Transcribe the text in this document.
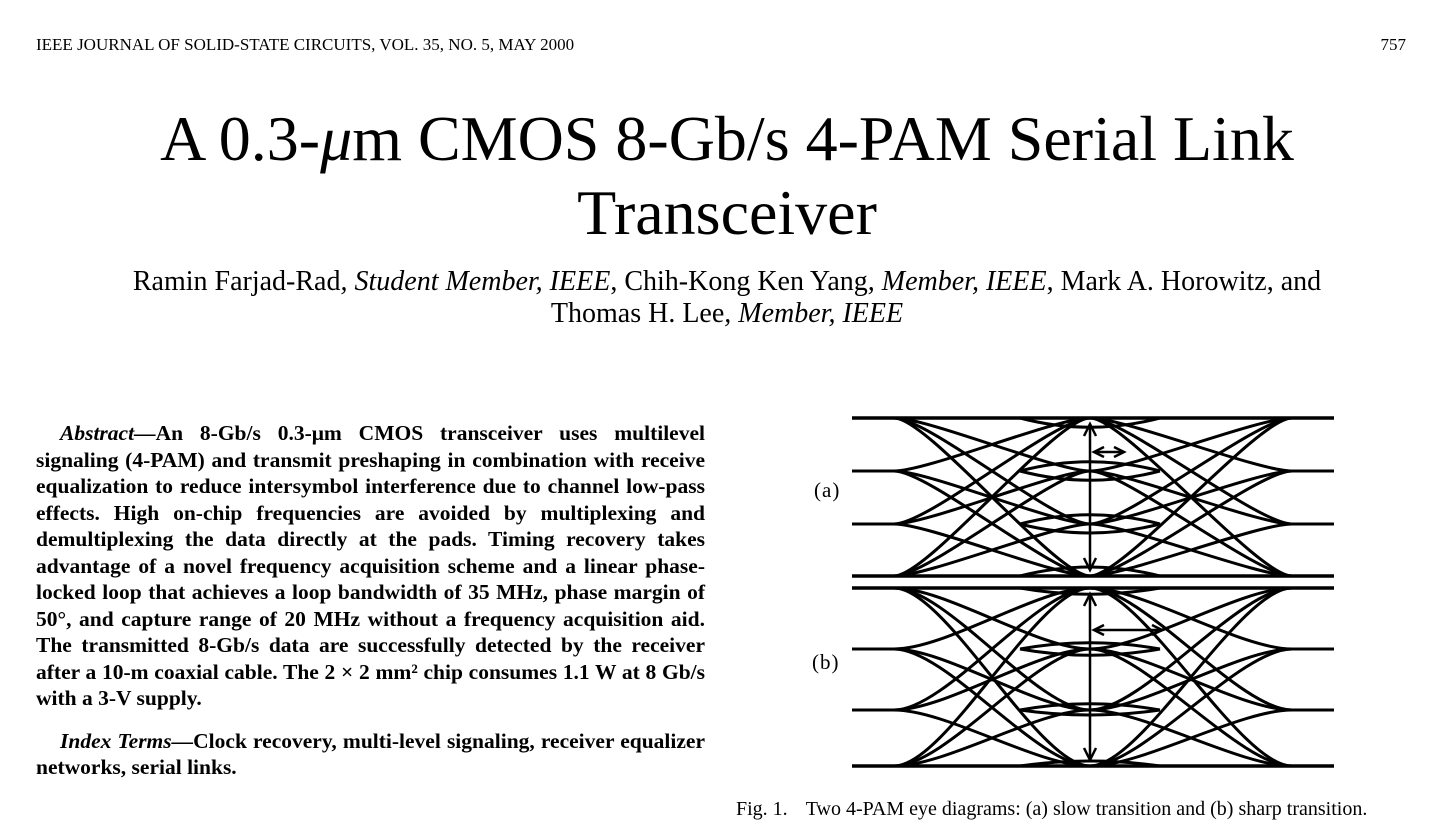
IEEE JOURNAL OF SOLID-STATE CIRCUITS, VOL. 35, NO. 5, MAY 2000	757
A 0.3-μm CMOS 8-Gb/s 4-PAM Serial Link Transceiver
Ramin Farjad-Rad, Student Member, IEEE, Chih-Kong Ken Yang, Member, IEEE, Mark A. Horowitz, and
Thomas H. Lee, Member, IEEE

Abstract—An 8-Gb/s 0.3-μm CMOS transceiver uses multilevel signaling (4-PAM) and transmit preshaping in combination with receive equalization to reduce intersymbol interference due to channel low-pass effects. High on-chip frequencies are avoided by multiplexing and demultiplexing the data directly at the pads. Timing recovery takes advantage of a novel frequency acquisition scheme and a linear phase-locked loop that achieves a loop bandwidth of 35 MHz, phase margin of 50°, and capture range of 20 MHz without a frequency acquisition aid. The transmitted 8-Gb/s data are successfully detected by the receiver after a 10-m coaxial cable. The 2 × 2 mm² chip consumes 1.1 W at 8 Gb/s with a 3-V supply.

Index Terms—Clock recovery, multi-level signaling, receiver equalizer networks, serial links.

(a)
(b)
Fig. 1. Two 4-PAM eye diagrams: (a) slow transition and (b) sharp transition.
